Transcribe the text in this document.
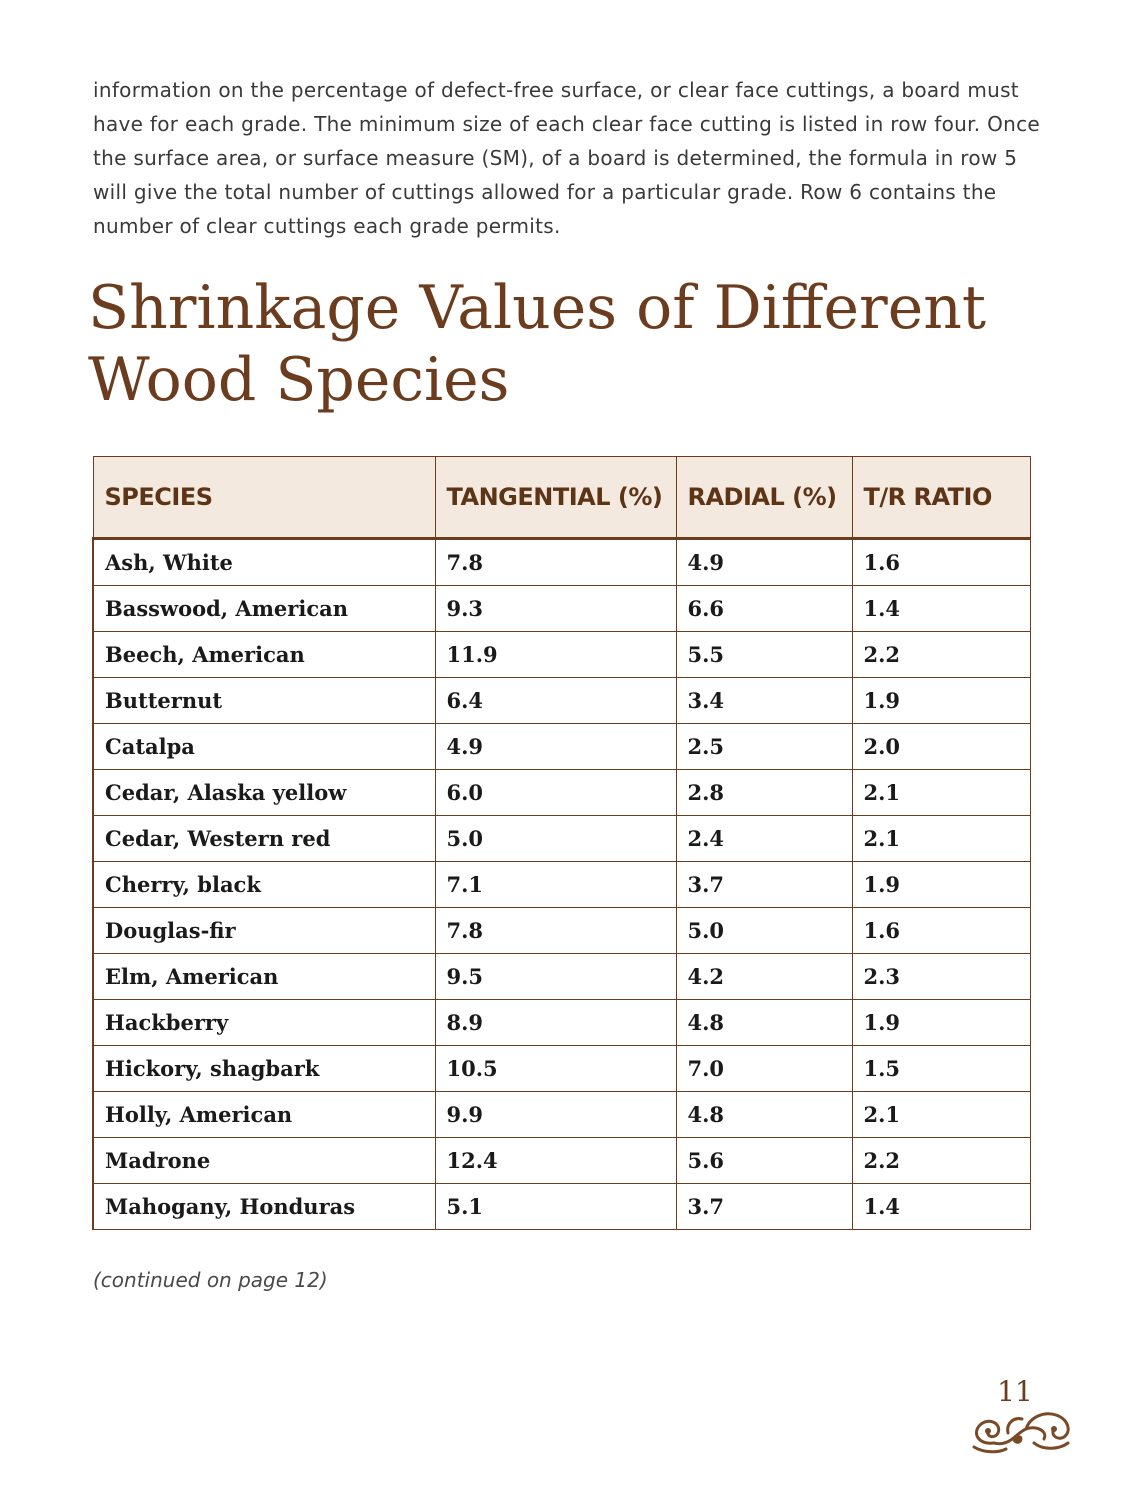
information on the percentage of defect-free surface, or clear face cuttings, a board must have for each grade. The minimum size of each clear face cutting is listed in row four. Once the surface area, or surface measure (SM), of a board is determined, the formula in row 5 will give the total number of cuttings allowed for a particular grade. Row 6 contains the number of clear cuttings each grade permits.

Shrinkage Values of Different
Wood Species
SPECIES	TANGENTIAL (%)	RADIAL (%)	T/R RATIO
Ash, White	7.8	4.9	1.6
Basswood, American	9.3	6.6	1.4
Beech, American	11.9	5.5	2.2
Butternut	6.4	3.4	1.9
Catalpa	4.9	2.5	2.0
Cedar, Alaska yellow	6.0	2.8	2.1
Cedar, Western red	5.0	2.4	2.1
Cherry, black	7.1	3.7	1.9
Douglas-fir	7.8	5.0	1.6
Elm, American	9.5	4.2	2.3
Hackberry	8.9	4.8	1.9
Hickory, shagbark	10.5	7.0	1.5
Holly, American	9.9	4.8	2.1
Madrone	12.4	5.6	2.2
Mahogany, Honduras	5.1	3.7	1.4

(continued on page 12)

11
